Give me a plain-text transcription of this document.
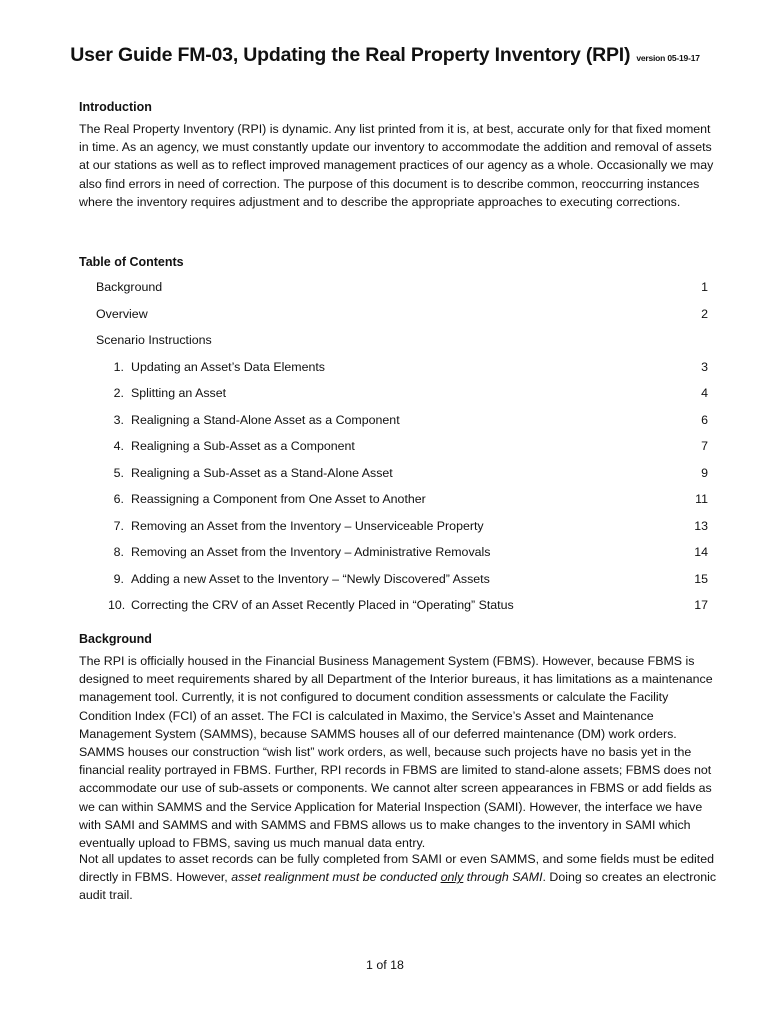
User Guide FM-03, Updating the Real Property Inventory (RPI) version 05-19-17
Introduction
The Real Property Inventory (RPI) is dynamic. Any list printed from it is, at best, accurate only for that fixed moment in time. As an agency, we must constantly update our inventory to accommodate the addition and removal of assets at our stations as well as to reflect improved management practices of our agency as a whole. Occasionally we may also find errors in need of correction. The purpose of this document is to describe common, reoccurring instances where the inventory requires adjustment and to describe the appropriate approaches to executing corrections.
Table of Contents
Background	1
Overview	2
Scenario Instructions
1. Updating an Asset’s Data Elements	3
2. Splitting an Asset	4
3. Realigning a Stand-Alone Asset as a Component	6
4. Realigning a Sub-Asset as a Component	7
5. Realigning a Sub-Asset as a Stand-Alone Asset	9
6. Reassigning a Component from One Asset to Another	11
7. Removing an Asset from the Inventory – Unserviceable Property	13
8. Removing an Asset from the Inventory – Administrative Removals	14
9. Adding a new Asset to the Inventory – “Newly Discovered” Assets	15
10. Correcting the CRV of an Asset Recently Placed in “Operating” Status	17
Background
The RPI is officially housed in the Financial Business Management System (FBMS). However, because FBMS is designed to meet requirements shared by all Department of the Interior bureaus, it has limitations as a maintenance management tool. Currently, it is not configured to document condition assessments or calculate the Facility Condition Index (FCI) of an asset. The FCI is calculated in Maximo, the Service’s Asset and Maintenance Management System (SAMMS), because SAMMS houses all of our deferred maintenance (DM) work orders. SAMMS houses our construction “wish list” work orders, as well, because such projects have no basis yet in the financial reality portrayed in FBMS. Further, RPI records in FBMS are limited to stand-alone assets; FBMS does not accommodate our use of sub-assets or components. We cannot alter screen appearances in FBMS or add fields as we can within SAMMS and the Service Application for Material Inspection (SAMI). However, the interface we have with SAMI and SAMMS and with SAMMS and FBMS allows us to make changes to the inventory in SAMI which eventually upload to FBMS, saving us much manual data entry.
Not all updates to asset records can be fully completed from SAMI or even SAMMS, and some fields must be edited directly in FBMS. However, asset realignment must be conducted only through SAMI. Doing so creates an electronic audit trail.
1 of 18
